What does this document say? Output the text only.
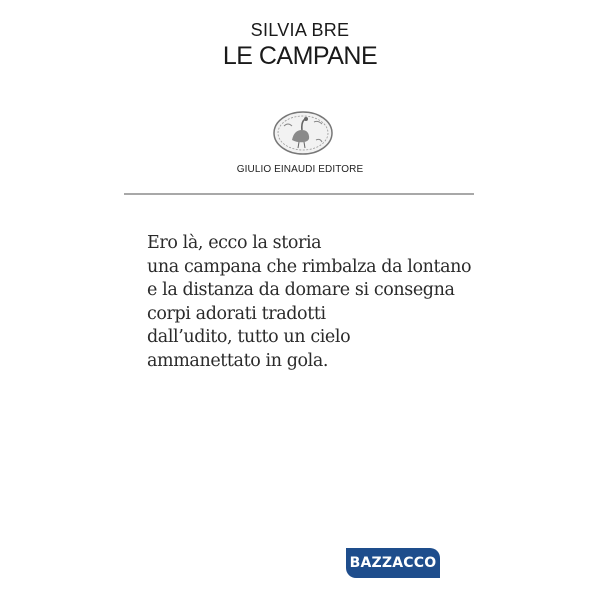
SILVIA BRE
LE CAMPANE
GIULIO EINAUDI EDITORE
Ero là, ecco la storia
una campana che rimbalza da lontano
e la distanza da domare si consegna
corpi adorati tradotti
dall’udito, tutto un cielo
ammanettato in gola.
BAZZACCO
